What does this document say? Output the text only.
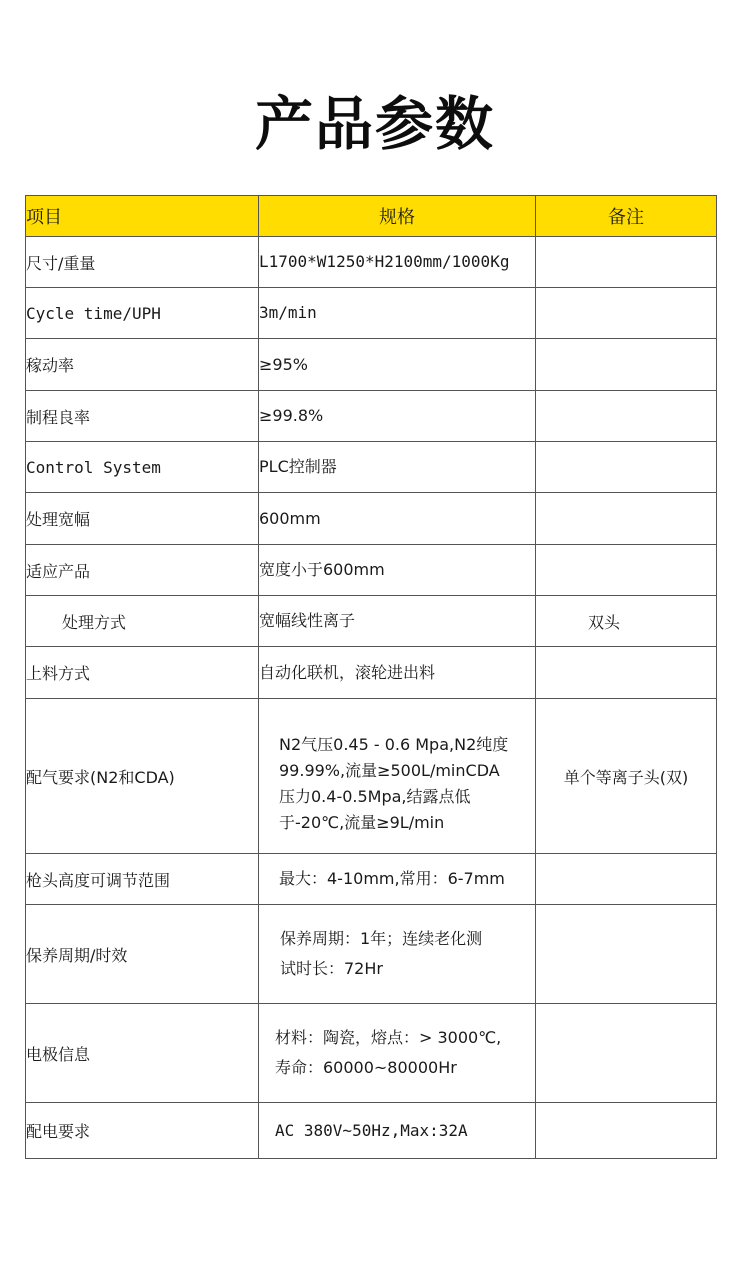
产品参数
项目	规格	备注
尺寸/重量	L1700*W1250*H2100mm/1000Kg	
Cycle time/UPH	3m/min	
稼动率	≥95%	
制程良率	≥99.8%	
Control System	PLC控制器	
处理宽幅	600mm	
适应产品	宽度小于600mm	
处理方式	宽幅线性离子	双头
上料方式	自动化联机，滚轮进出料	
配气要求(N2和CDA)	N2气压0.45 - 0.6 Mpa,N2纯度
99.99%,流量≥500L/minCDA
压力0.4-0.5Mpa,结露点低
于-20℃,流量≥9L/min	单个等离子头(双)
枪头高度可调节范围	最大：4-10mm,常用：6-7mm	
保养周期/时效	保养周期：1年；连续老化测
试时长：72Hr	

电极信息	材料：陶瓷，熔点：> 3000℃,
寿命：60000~80000Hr	

配电要求	AC 380V~50Hz,Max:32A	
